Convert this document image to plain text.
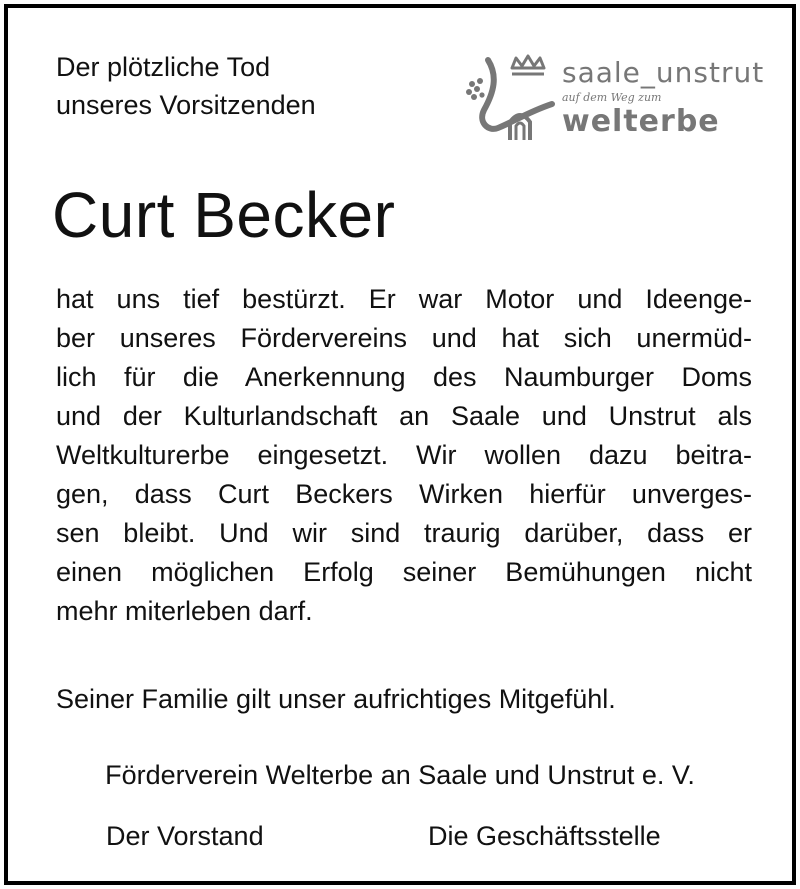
Der plötzliche Tod
unseres Vorsitzenden
saale_unstrut
auf dem Weg zum
welterbe
Curt Becker
hat uns tief bestürzt. Er war Motor und Ideenge-
ber unseres Fördervereins und hat sich unermüd-
lich für die Anerkennung des Naumburger Doms
und der Kulturlandschaft an Saale und Unstrut als
Weltkulturerbe eingesetzt. Wir wollen dazu beitra-
gen, dass Curt Beckers Wirken hierfür unverges-
sen bleibt. Und wir sind traurig darüber, dass er
einen möglichen Erfolg seiner Bemühungen nicht
mehr miterleben darf.
Seiner Familie gilt unser aufrichtiges Mitgefühl.
Förderverein Welterbe an Saale und Unstrut e. V.
Der Vorstand	Die Geschäftsstelle
